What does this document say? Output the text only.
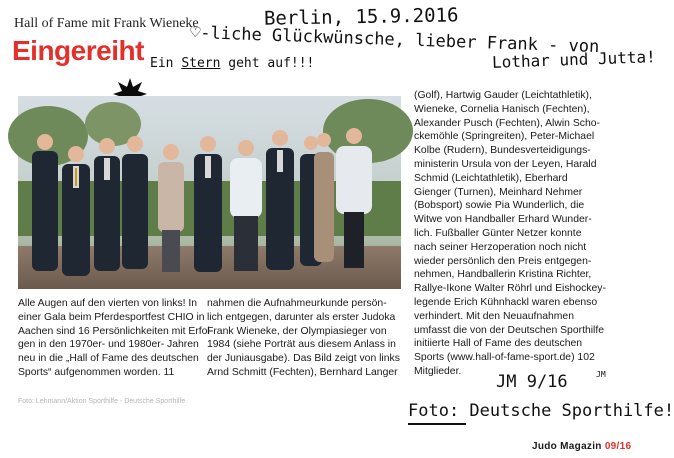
Hall of Fame mit Frank Wieneke
Eingereiht
Berlin, 15.9.2016
♡-liche Glückwünsche, lieber Frank - von
Lothar und Jutta!
Ein Stern geht auf!!!
(Golf), Hartwig Gauder (Leichtathletik),
Wieneke, Cornelia Hanisch (Fechten),
Alexander Pusch (Fechten), Alwin Scho-
ckemöhle (Springreiten), Peter-Michael
Kolbe (Rudern), Bundesverteidigungs-
ministerin Ursula von der Leyen, Harald
Schmid (Leichtathletik), Eberhard
Gienger (Turnen), Meinhard Nehmer
(Bobsport) sowie Pia Wunderlich, die
Witwe von Handballer Erhard Wunder-
lich. Fußballer Günter Netzer konnte
nach seiner Herzoperation noch nicht
wieder persönlich den Preis entgegen-
nehmen, Handballerin Kristina Richter,
Rallye-Ikone Walter Röhrl und Eishockey-
legende Erich Kühnhackl waren ebenso
verhindert. Mit den Neuaufnahmen
umfasst die von der Deutschen Sporthilfe
initiierte Hall of Fame des deutschen
Sports (www.hall-of-fame-sport.de) 102
Mitglieder.
Alle Augen auf den vierten von links! In
einer Gala beim Pferdesportfest CHIO in
Aachen sind 16 Persönlichkeiten mit Erfol-
gen in den 1970er- und 1980er- Jahren
neu in die „Hall of Fame des deutschen
Sports“ aufgenommen worden. 11
nahmen die Aufnahmeurkunde persön-
lich entgegen, darunter als erster Judoka
Frank Wieneke, der Olympiasieger von
1984 (siehe Porträt aus diesem Anlass in
der Juniausgabe). Das Bild zeigt von links
Arnd Schmitt (Fechten), Bernhard Langer
Foto: Lehmann/Aktion Sporthilfe - Deutsche Sporthilfe
JM 9/16	JM
Foto: Deutsche Sporthilfe!
Judo Magazin 09/16
